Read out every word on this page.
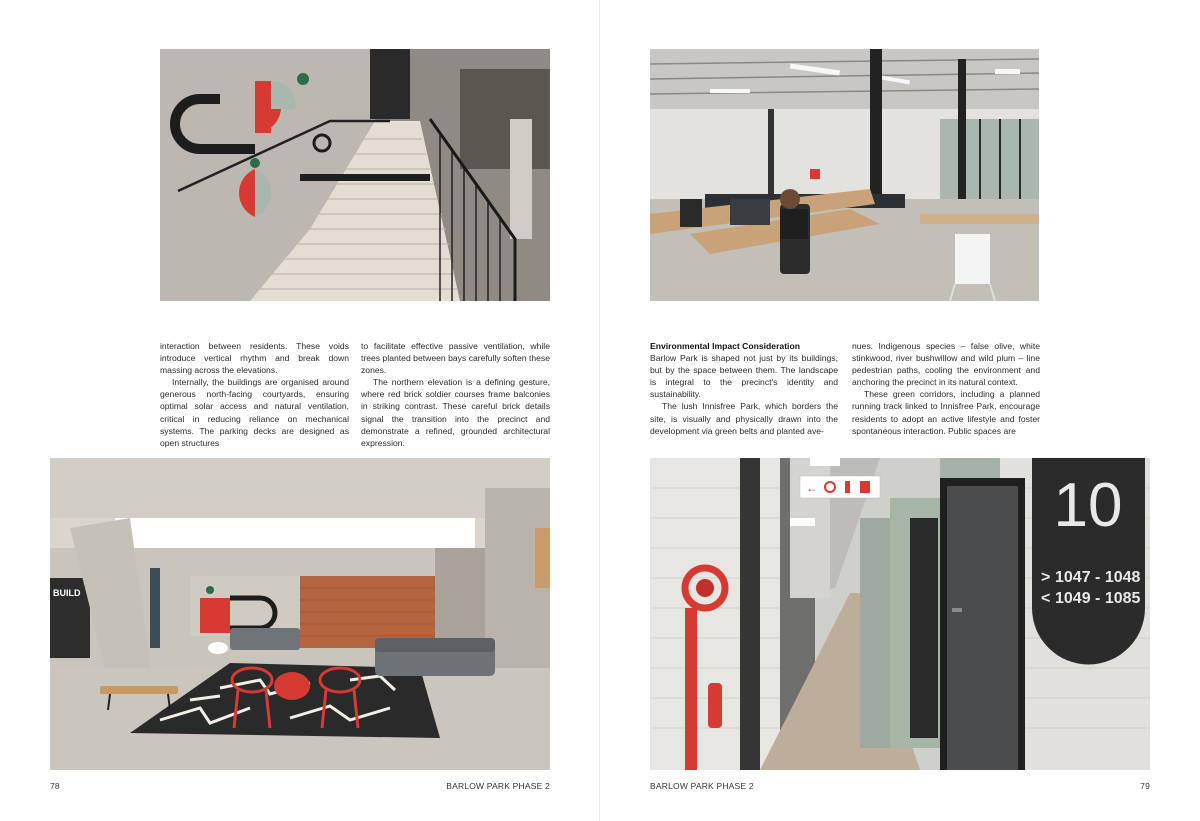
interaction between residents. These voids introduce vertical rhythm and break down massing across the elevations.

Internally, the buildings are organised around generous north-facing courtyards, ensuring optimal solar access and natural ventilation, critical in reducing reliance on mechanical systems. The parking decks are designed as open structures

to facilitate effective passive ventilation, while trees planted between bays carefully soften these zones.

The northern elevation is a defining gesture, where red brick soldier courses frame balconies in striking contrast. These careful brick details signal the transition into the precinct and demonstrate a refined, grounded architectural expression.

BUILD
78	BARLOW PARK PHASE 2

Environmental Impact Consideration

Barlow Park is shaped not just by its buildings, but by the space between them. The landscape is integral to the precinct's identity and sustainability.

The lush Innisfree Park, which borders the site, is visually and physically drawn into the development via green belts and planted ave-

nues. Indigenous species – false olive, white stinkwood, river bushwillow and wild plum – line pedestrian paths, cooling the environment and anchoring the precinct in its natural context.

These green corridors, including a planned running track linked to Innisfree Park, encourage residents to adopt an active lifestyle and foster spontaneous interaction. Public spaces are

10
> 1047 - 1048
< 1049 - 1085
←
BARLOW PARK PHASE 2	79
